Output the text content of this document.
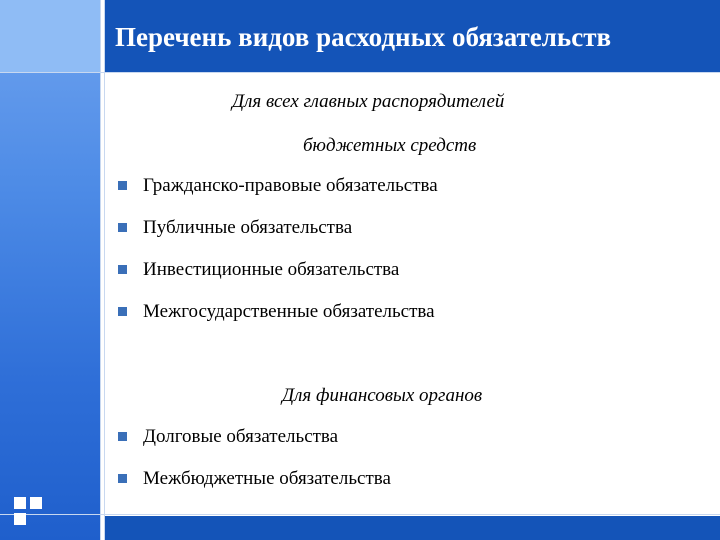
Перечень видов расходных обязательств
Для всех главных распорядителей
бюджетных средств
Гражданско-правовые обязательства
Публичные обязательства
Инвестиционные обязательства
Межгосударственные обязательства
Для финансовых органов
Долговые обязательства
Межбюджетные обязательства
